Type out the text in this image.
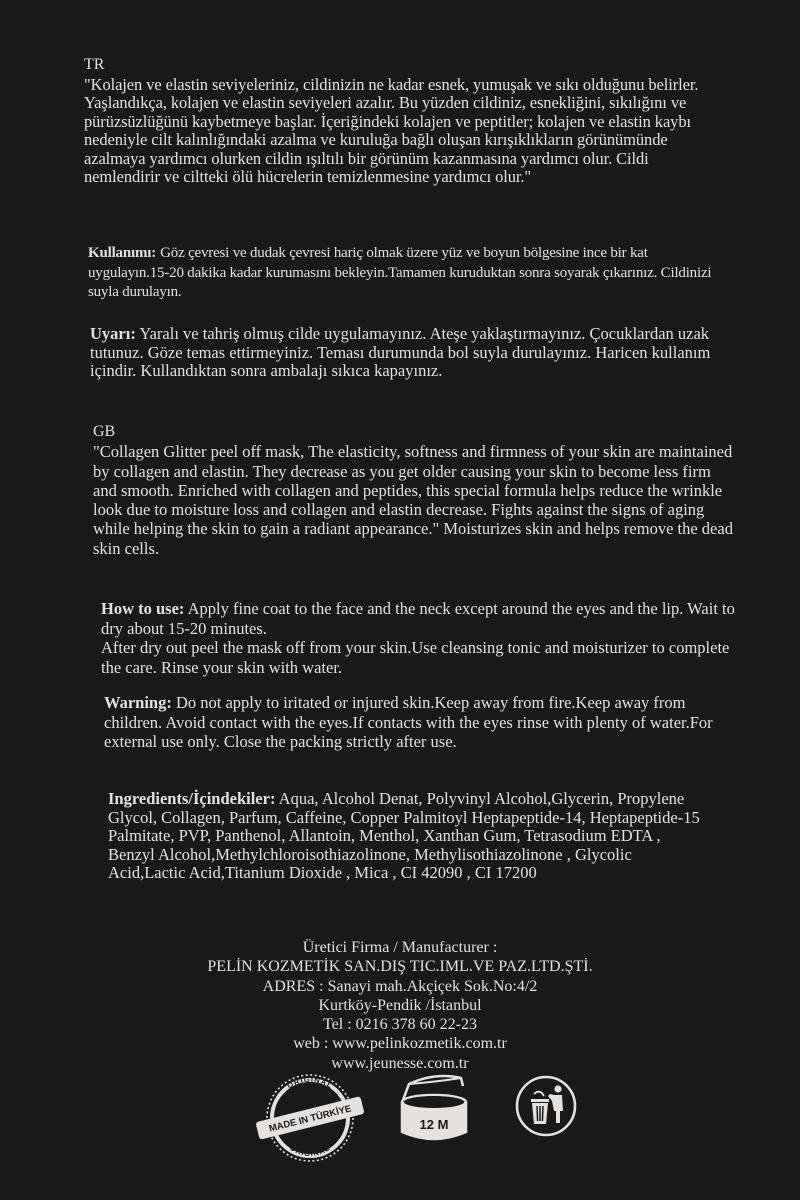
TR

"Kolajen ve elastin seviyeleriniz, cildinizin ne kadar esnek, yumuşak ve sıkı olduğunu belirler. Yaşlandıkça, kolajen ve elastin seviyeleri azalır. Bu yüzden cildiniz, esnekliğini, sıkılığını ve pürüzsüzlüğünü kaybetmeye başlar. İçeriğindeki kolajen ve peptitler; kolajen ve elastin kaybı nedeniyle cilt kalınlığındaki azalma ve kuruluğa bağlı oluşan kırışıklıkların görünümünde azalmaya yardımcı olurken cildin ışıltılı bir görünüm kazanmasına yardımcı olur. Cildi nemlendirir ve ciltteki ölü hücrelerin temizlenmesine yardımcı olur."

Kullanımı: Göz çevresi ve dudak çevresi hariç olmak üzere yüz ve boyun bölgesine ince bir kat uygulayın.15-20 dakika kadar kurumasını bekleyin.Tamamen kuruduktan sonra soyarak çıkarınız. Cildinizi suyla durulayın.

Uyarı: Yaralı ve tahriş olmuş cilde uygulamayınız. Ateşe yaklaştırmayınız. Çocuklardan uzak tutunuz. Göze temas ettirmeyiniz. Teması durumunda bol suyla durulayınız. Haricen kullanım içindir. Kullandıktan sonra ambalajı sıkıca kapayınız.

GB

"Collagen Glitter peel off mask, The elasticity, softness and firmness of your skin are maintained by collagen and elastin. They decrease as you get older causing your skin to become less firm and smooth. Enriched with collagen and peptides, this special formula helps reduce the wrinkle look due to moisture loss and collagen and elastin decrease. Fights against the signs of aging while helping the skin to gain a radiant appearance." Moisturizes skin and helps remove the dead skin cells.

How to use: Apply fine coat to the face and the neck except around the eyes and the lip. Wait to dry about 15-20 minutes.

After dry out peel the mask off from your skin.Use cleansing tonic and moisturizer to complete the care. Rinse your skin with water.

Warning: Do not apply to iritated or injured skin.Keep away from fire.Keep away from children. Avoid contact with the eyes.If contacts with the eyes rinse with plenty of water.For external use only. Close the packing strictly after use.

Ingredients/İçindekiler: Aqua, Alcohol Denat, Polyvinyl Alcohol,Glycerin, Propylene Glycol, Collagen, Parfum, Caffeine, Copper Palmitoyl Heptapeptide-14, Heptapeptide-15 Palmitate, PVP, Panthenol, Allantoin, Menthol, Xanthan Gum, Tetrasodium EDTA , Benzyl Alcohol,Methylchloroisothiazolinone, Methylisothiazolinone , Glycolic Acid,Lactic Acid,Titanium Dioxide , Mica , CI 42090 , CI 17200

Üretici Firma / Manufacturer :

PELİN KOZMETİK SAN.DIŞ TIC.IML.VE PAZ.LTD.ŞTİ.

ADRES : Sanayi mah.Akçiçek Sok.No:4/2

Kurtköy-Pendik /İstanbul

Tel : 0216 378 60 22-23

web : www.pelinkozmetik.com.tr

www.jeunesse.com.tr

ORIGINAL
ORIGINAL
MADE IN TÜRKİYE	12 M
